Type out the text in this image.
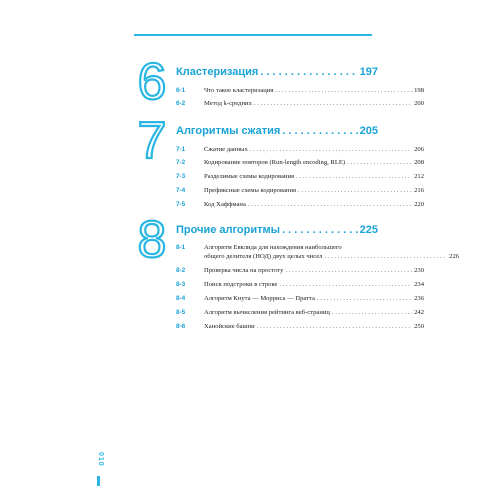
6 Кластеризация . . .	197
6-1	Что такое кластеризация . . .	198
6-2	Метод k-средних . . .	200
7 Алгоритмы сжатия . . .	205
7-1	Сжатие данных . . .	206
7-2	Кодирование повторов (Run-length encoding, RLE) . . .	208
7-3	Разделимые схемы кодирования . . .	212
7-4	Префиксные схемы кодирования . . .	216
7-5	Код Хаффмана . . .	220
8 Прочие алгоритмы . . .	225
8-1	Алгоритм Евклида для нахождения наибольшего
общего делителя (НОД) двух целых чисел . . .	226
8-2	Проверка числа на простоту . . .	230
8-3	Поиск подстроки в строке . . .	234
8-4	Алгоритм Кнута — Морриса — Пратта . . .	236
8-5	Алгоритм вычисления рейтинга веб-страниц . . .	242
8-6	Ханойские башни . . .	250
010
